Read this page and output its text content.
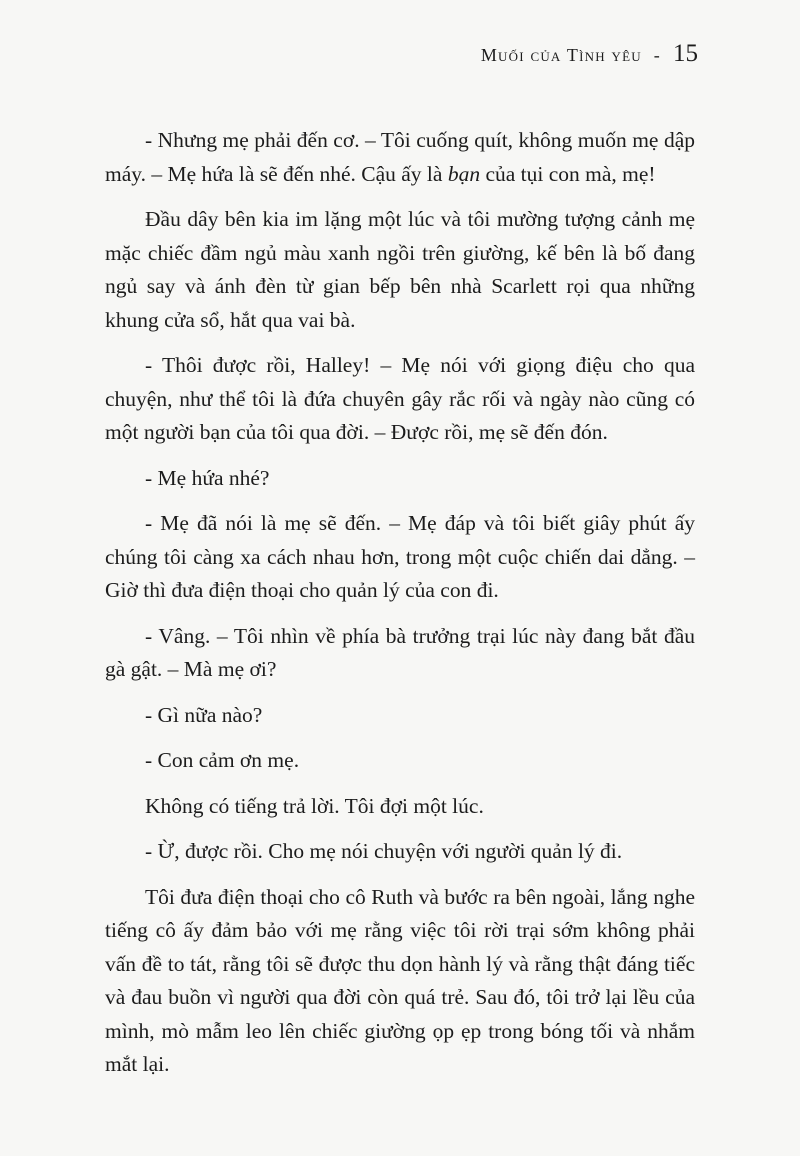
Muối của Tình yêu - 15

- Nhưng mẹ phải đến cơ. – Tôi cuống quít, không muốn mẹ dập máy. – Mẹ hứa là sẽ đến nhé. Cậu ấy là bạn của tụi con mà, mẹ!

Đầu dây bên kia im lặng một lúc và tôi mường tượng cảnh mẹ mặc chiếc đầm ngủ màu xanh ngồi trên giường, kế bên là bố đang ngủ say và ánh đèn từ gian bếp bên nhà Scarlett rọi qua những khung cửa sổ, hắt qua vai bà.

- Thôi được rồi, Halley! – Mẹ nói với giọng điệu cho qua chuyện, như thể tôi là đứa chuyên gây rắc rối và ngày nào cũng có một người bạn của tôi qua đời. – Được rồi, mẹ sẽ đến đón.

- Mẹ hứa nhé?

- Mẹ đã nói là mẹ sẽ đến. – Mẹ đáp và tôi biết giây phút ấy chúng tôi càng xa cách nhau hơn, trong một cuộc chiến dai dẳng. – Giờ thì đưa điện thoại cho quản lý của con đi.

- Vâng. – Tôi nhìn về phía bà trưởng trại lúc này đang bắt đầu gà gật. – Mà mẹ ơi?

- Gì nữa nào?

- Con cảm ơn mẹ.

Không có tiếng trả lời. Tôi đợi một lúc.

- Ừ, được rồi. Cho mẹ nói chuyện với người quản lý đi.

Tôi đưa điện thoại cho cô Ruth và bước ra bên ngoài, lắng nghe tiếng cô ấy đảm bảo với mẹ rằng việc tôi rời trại sớm không phải vấn đề to tát, rằng tôi sẽ được thu dọn hành lý và rằng thật đáng tiếc và đau buồn vì người qua đời còn quá trẻ. Sau đó, tôi trở lại lều của mình, mò mẫm leo lên chiếc giường ọp ẹp trong bóng tối và nhắm mắt lại.
